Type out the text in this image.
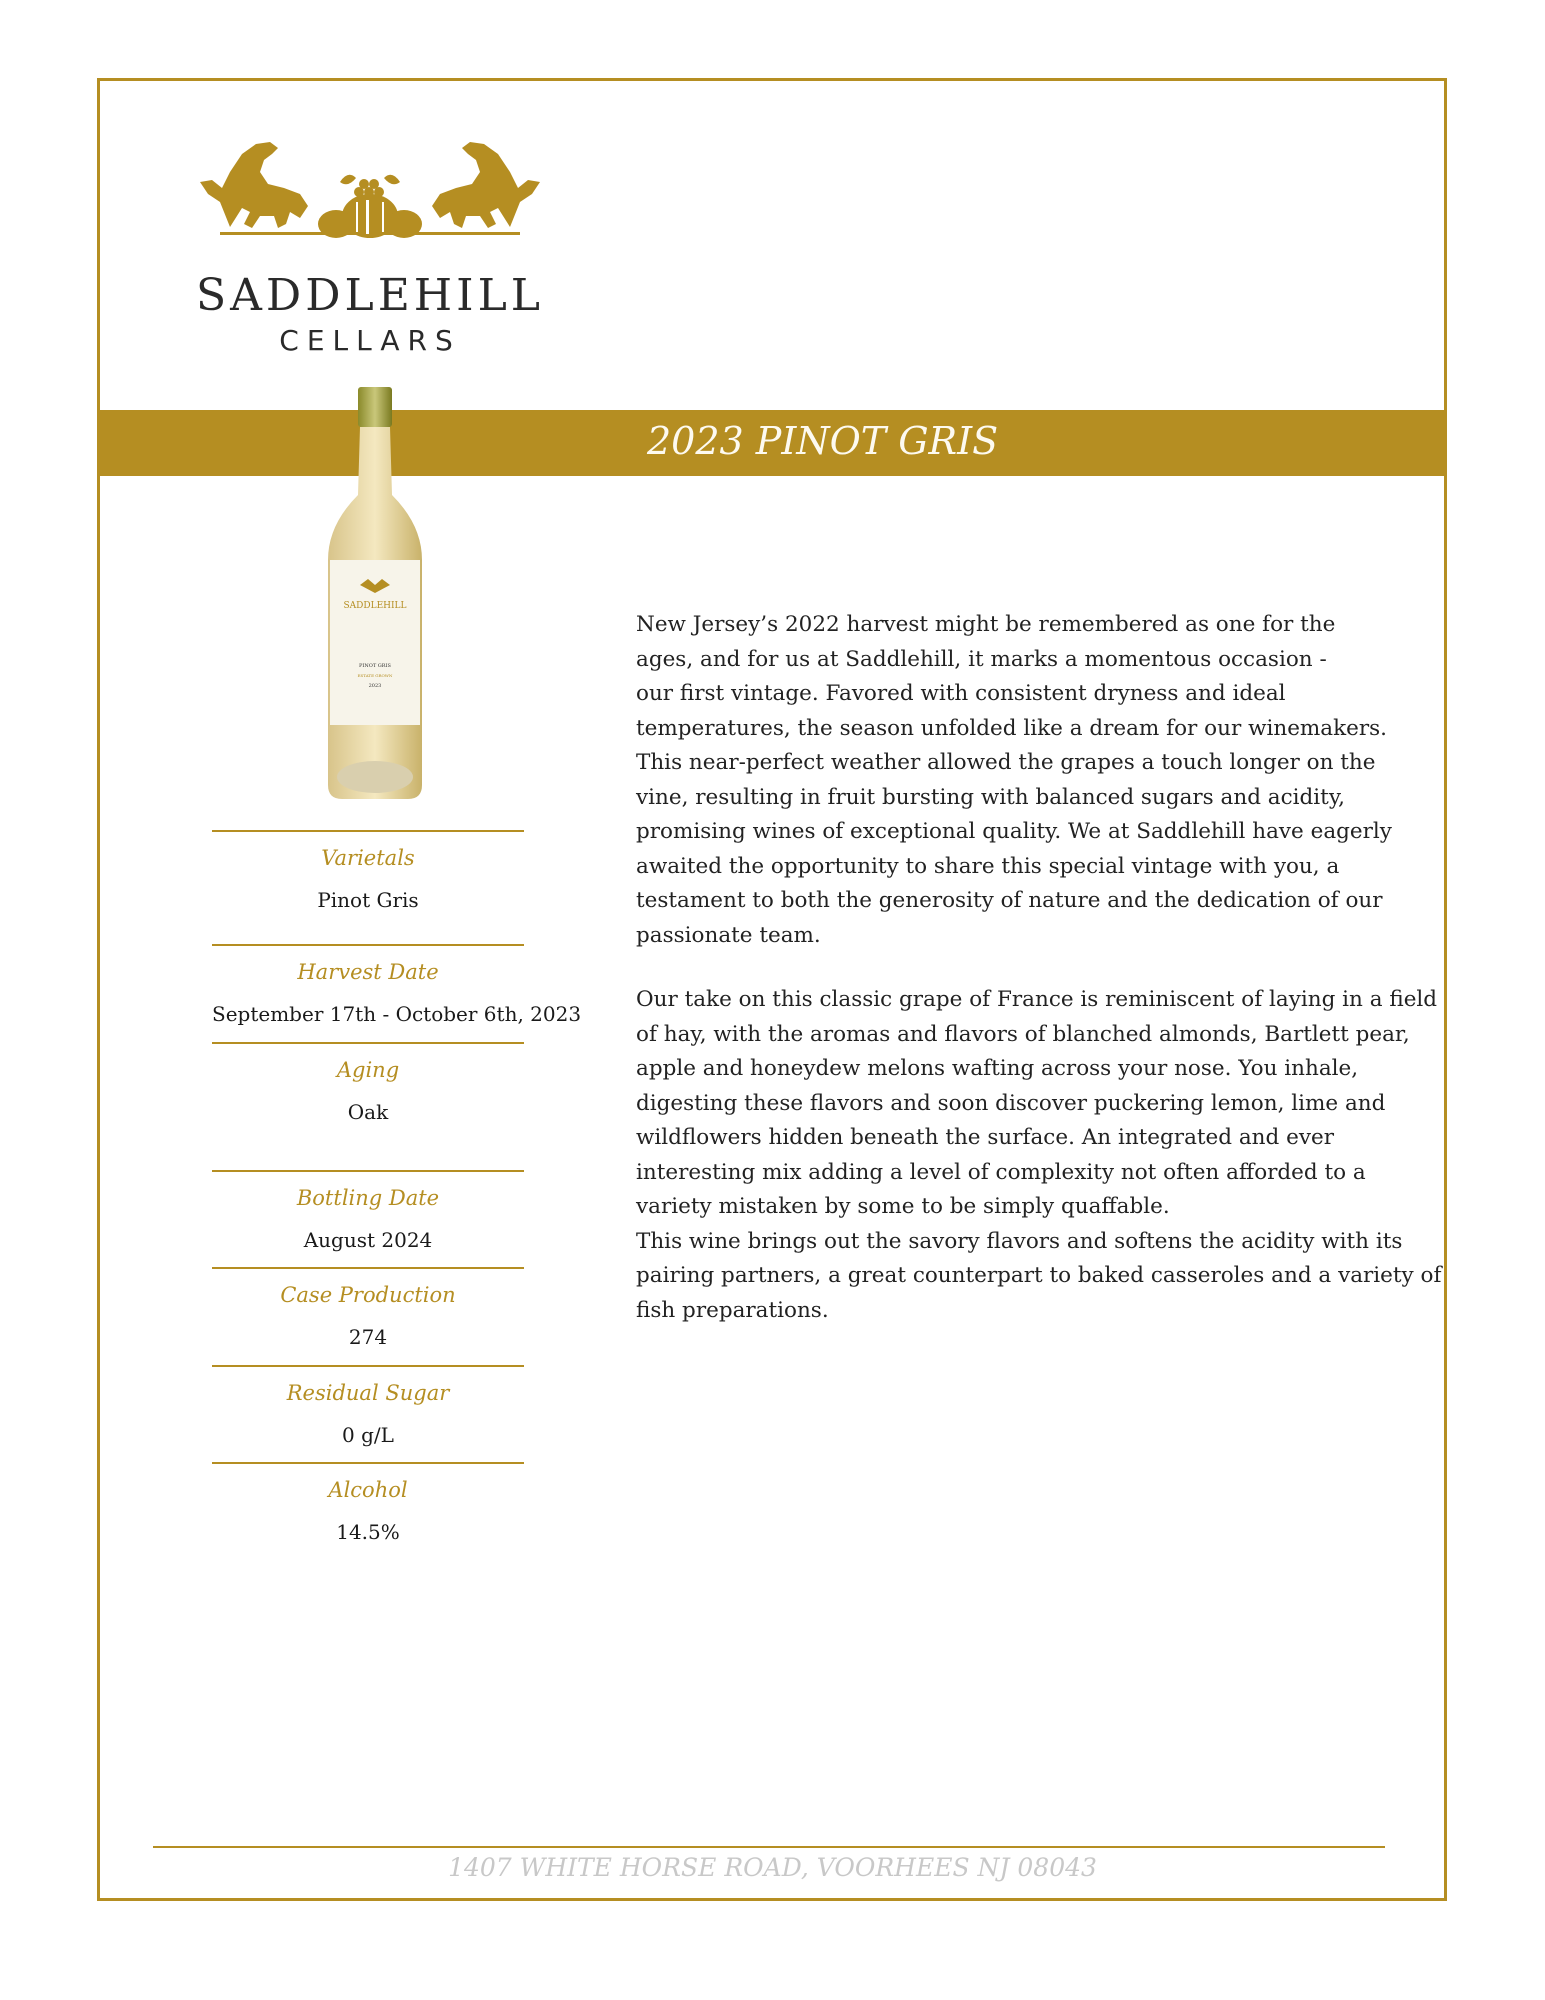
SADDLEHILL
CELLARS
2023 PINOT GRIS
SADDLEHILL
PINOT GRIS
ESTATE GROWN
2023
Varietals
Pinot Gris
Harvest Date
September 17th - October 6th, 2023
Aging
Oak
Bottling Date
August 2024
Case Production
274
Residual Sugar
0 g/L
Alcohol
14.5%

New Jersey’s 2022 harvest might be remembered as one for the
ages, and for us at Saddlehill, it marks a momentous occasion -
our first vintage. Favored with consistent dryness and ideal
temperatures, the season unfolded like a dream for our winemakers.
This near-perfect weather allowed the grapes a touch longer on the
vine, resulting in fruit bursting with balanced sugars and acidity,
promising wines of exceptional quality. We at Saddlehill have eagerly
awaited the opportunity to share this special vintage with you, a
testament to both the generosity of nature and the dedication of our
passionate team.

Our take on this classic grape of France is reminiscent of laying in a field
of hay, with the aromas and flavors of blanched almonds, Bartlett pear,
apple and honeydew melons wafting across your nose. You inhale,
digesting these flavors and soon discover puckering lemon, lime and
wildflowers hidden beneath the surface. An integrated and ever
interesting mix adding a level of complexity not often afforded to a
variety mistaken by some to be simply quaffable.
This wine brings out the savory flavors and softens the acidity with its
pairing partners, a great counterpart to baked casseroles and a variety of
fish preparations.

1407 WHITE HORSE ROAD, VOORHEES NJ 08043
